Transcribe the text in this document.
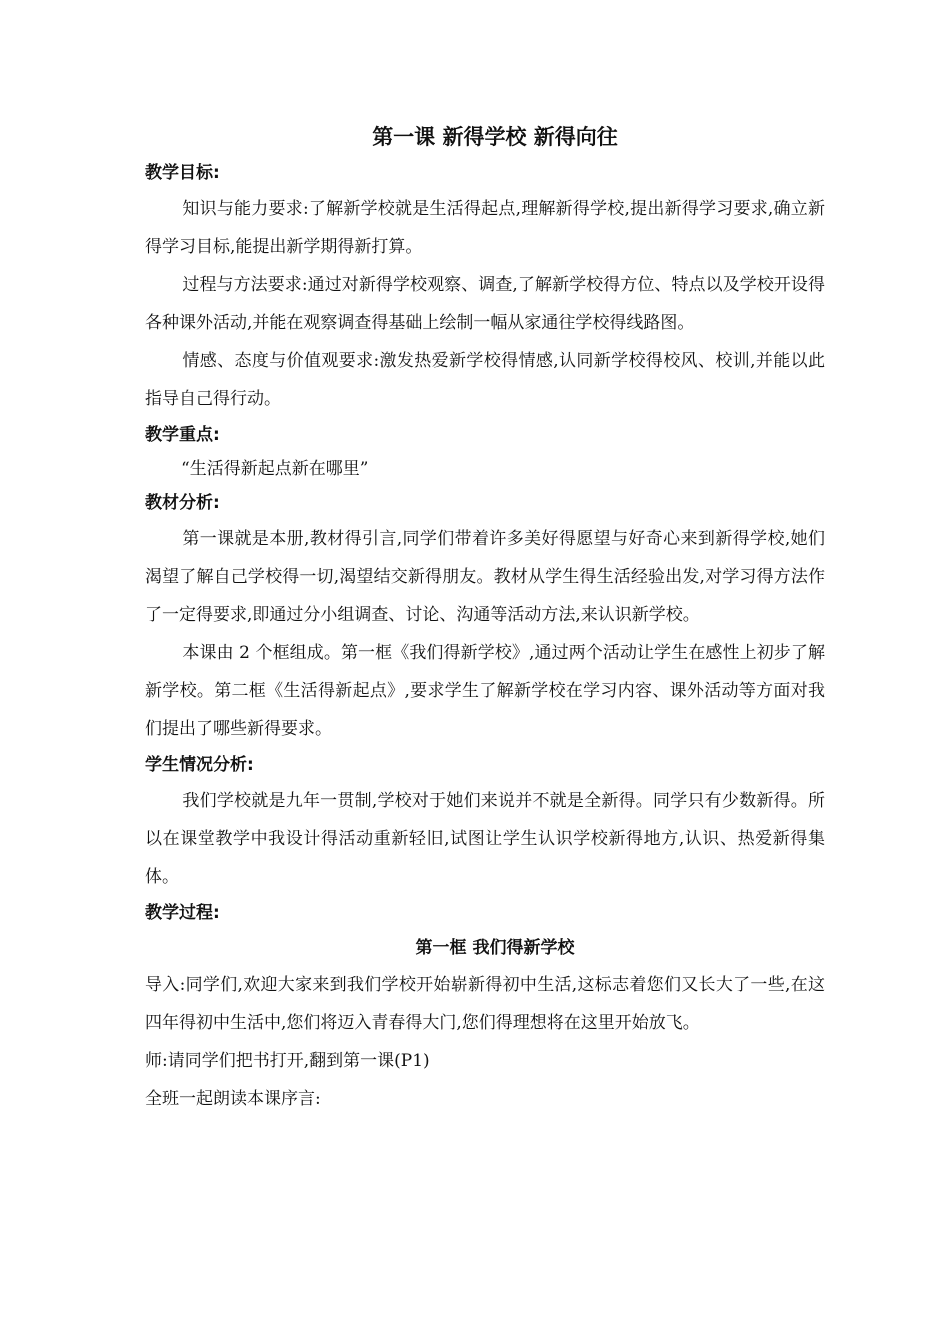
第一课 新得学校 新得向往
教学目标:

知识与能力要求:了解新学校就是生活得起点,理解新得学校,提出新得学习要求,确立新得学习目标,能提出新学期得新打算。

过程与方法要求:通过对新得学校观察、调查,了解新学校得方位、特点以及学校开设得各种课外活动,并能在观察调查得基础上绘制一幅从家通往学校得线路图。

情感、态度与价值观要求:激发热爱新学校得情感,认同新学校得校风、校训,并能以此指导自己得行动。

教学重点:

“生活得新起点新在哪里”

教材分析:

第一课就是本册,教材得引言,同学们带着许多美好得愿望与好奇心来到新得学校,她们渴望了解自己学校得一切,渴望结交新得朋友。教材从学生得生活经验出发,对学习得方法作了一定得要求,即通过分小组调查、讨论、沟通等活动方法,来认识新学校。

本课由 2 个框组成。第一框《我们得新学校》,通过两个活动让学生在感性上初步了解新学校。第二框《生活得新起点》,要求学生了解新学校在学习内容、课外活动等方面对我们提出了哪些新得要求。

学生情况分析:

我们学校就是九年一贯制,学校对于她们来说并不就是全新得。同学只有少数新得。所以在课堂教学中我设计得活动重新轻旧,试图让学生认识学校新得地方,认识、热爱新得集体。

教学过程:
第一框 我们得新学校

导入:同学们,欢迎大家来到我们学校开始崭新得初中生活,这标志着您们又长大了一些,在这四年得初中生活中,您们将迈入青春得大门,您们得理想将在这里开始放飞。

师:请同学们把书打开,翻到第一课(P1)

全班一起朗读本课序言:
